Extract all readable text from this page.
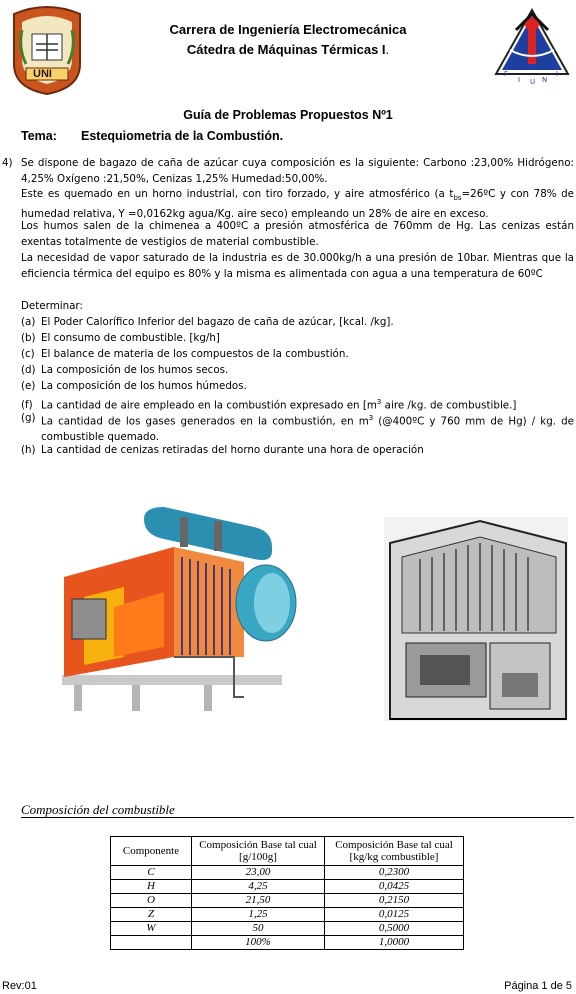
UNI	F
I U N
I
Carrera de Ingeniería Electromecánica
Cátedra de Máquinas Térmicas I.
Guía de Problemas Propuestos Nº1
Tema: Estequiometria de la Combustión.
4) Se dispone de bagazo de caña de azúcar cuya composición es la siguiente: Carbono :23,00% Hidrógeno: 4,25% Oxígeno :21,50%, Cenizas 1,25% Humedad:50,00%.
Este es quemado en un horno industrial, con tiro forzado, y aire atmosférico (a $t_{bs}=26ºC$ y con 78% de humedad relativa, Y =0,0162kg agua/Kg. aire seco) empleando un 28% de aire en exceso.
Los humos salen de la chimenea a 400ºC a presión atmosférica de 760mm de Hg. Las cenizas están exentas totalmente de vestigios de material combustible.
La necesidad de vapor saturado de la industria es de 30.000kg/h a una presión de 10bar. Mientras que la eficiencia térmica del equipo es 80% y la misma es alimentada con agua a una temperatura de 60ºC
Determinar:
(a) El Poder Calorífico Inferior del bagazo de caña de azúcar, [kcal. /kg].
(b) El consumo de combustible. [kg/h]
(c) El balance de materia de los compuestos de la combustión.
(d) La composición de los humos secos.
(e) La composición de los humos húmedos.
(f) La cantidad de aire empleado en la combustión expresado en [$m^3$ aire /kg. de combustible.]
(g) La cantidad de los gases generados en la combustión, en $m^3$ (@400ºC y 760 mm de Hg) / kg. de combustible quemado.
(h) La cantidad de cenizas retiradas del horno durante una hora de operación
Composición del combustible
Componente	Composición Base tal cual [g/100g]	Composición Base tal cual [kg/kg combustible]
C	23,00	0,2300
H	4,25	0,0425
O	21,50	0,2150
Z	1,25	0,0125
W	50	0,5000
	100%	1,0000
Rev:01	Página 1 de 5
